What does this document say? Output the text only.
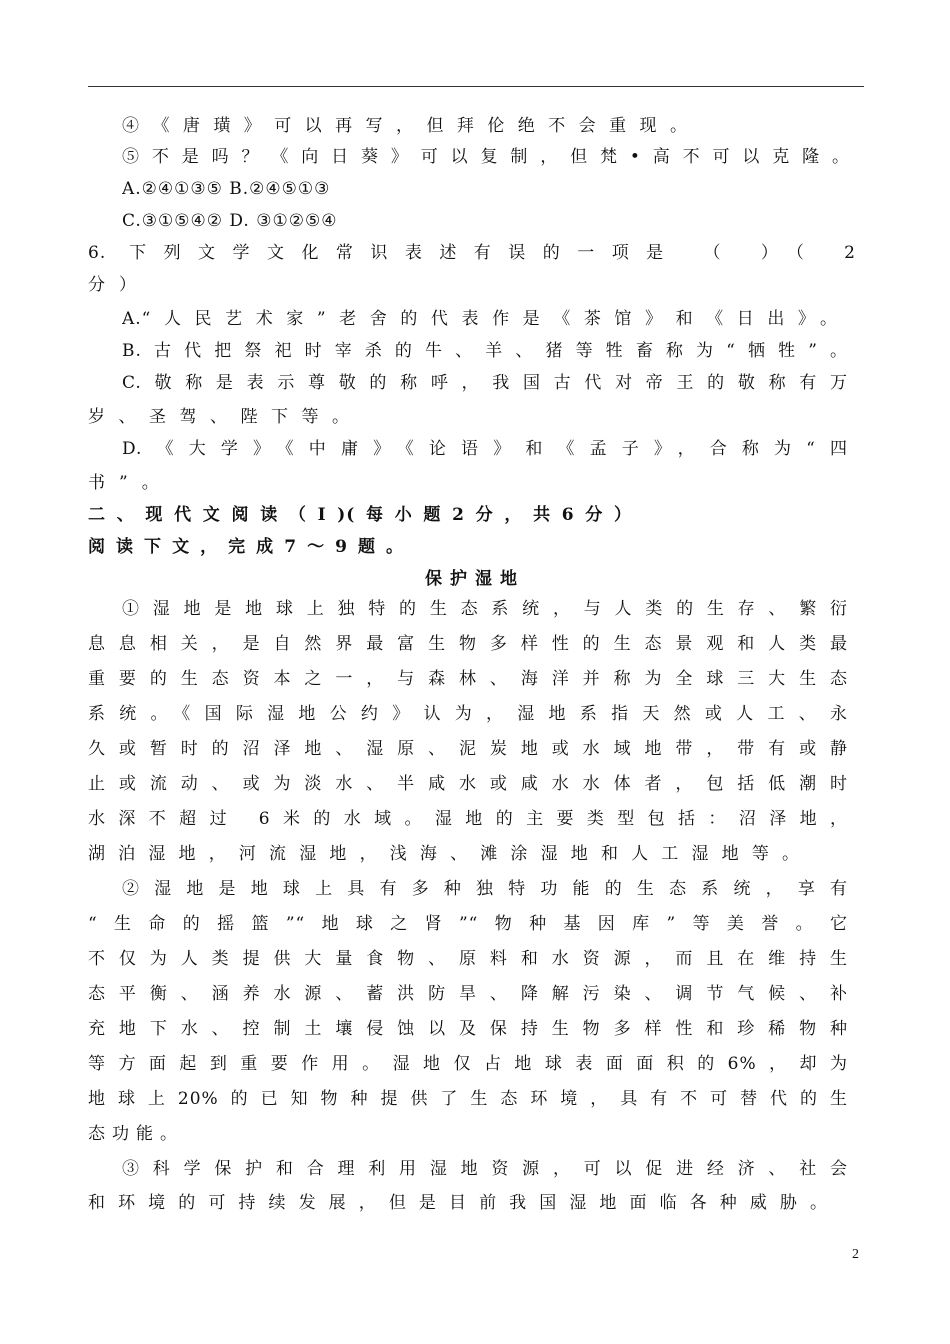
④《唐璜》可以再写，但拜伦绝不会重现。
⑤不是吗？《向日葵》可以复制，但梵•高不可以克隆。
A.②④①③⑤ B.②④⑤①③
C.③①⑤④② D. ③①②⑤④
6. 下列文学文化常识表述有误的一项是 （ ）（ 2
分）
A.“人民艺术家”老舍的代表作是《茶馆》和《日出》。
B.古代把祭祀时宰杀的牛、羊、猪等牲畜称为“牺牲”。
C.敬称是表示尊敬的称呼，我国古代对帝王的敬称有万
岁、圣驾、陛下等。
D.《大学》《中庸》《论语》和《孟子》，合称为“四
书”。
二、现代文阅读（Ⅰ)(每小题2分，共6分）
阅读下文，完成7～9题。
保护湿地
①湿地是地球上独特的生态系统，与人类的生存、繁衍
息息相关，是自然界最富生物多样性的生态景观和人类最
重要的生态资本之一，与森林、海洋并称为全球三大生态
系统。《国际湿地公约》认为，湿地系指天然或人工、永
久或暂时的沼泽地、湿原、泥炭地或水域地带，带有或静
止或流动、或为淡水、半咸水或咸水水体者，包括低潮时
水深不超过 6米的水域。湿地的主要类型包括：沼泽地，
湖泊湿地，河流湿地，浅海、滩涂湿地和人工湿地等。
②湿地是地球上具有多种独特功能的生态系统，享有
“生命的摇篮”“地球之肾”“物种基因库”等美誉。它
不仅为人类提供大量食物、原料和水资源，而且在维持生
态平衡、涵养水源、蓄洪防旱、降解污染、调节气候、补
充地下水、控制土壤侵蚀以及保持生物多样性和珍稀物种
等方面起到重要作用。湿地仅占地球表面面积的6%，却为
地球上20%的已知物种提供了生态环境，具有不可替代的生
态功能。
③科学保护和合理利用湿地资源，可以促进经济、社会
和环境的可持续发展，但是目前我国湿地面临各种威胁。
2
